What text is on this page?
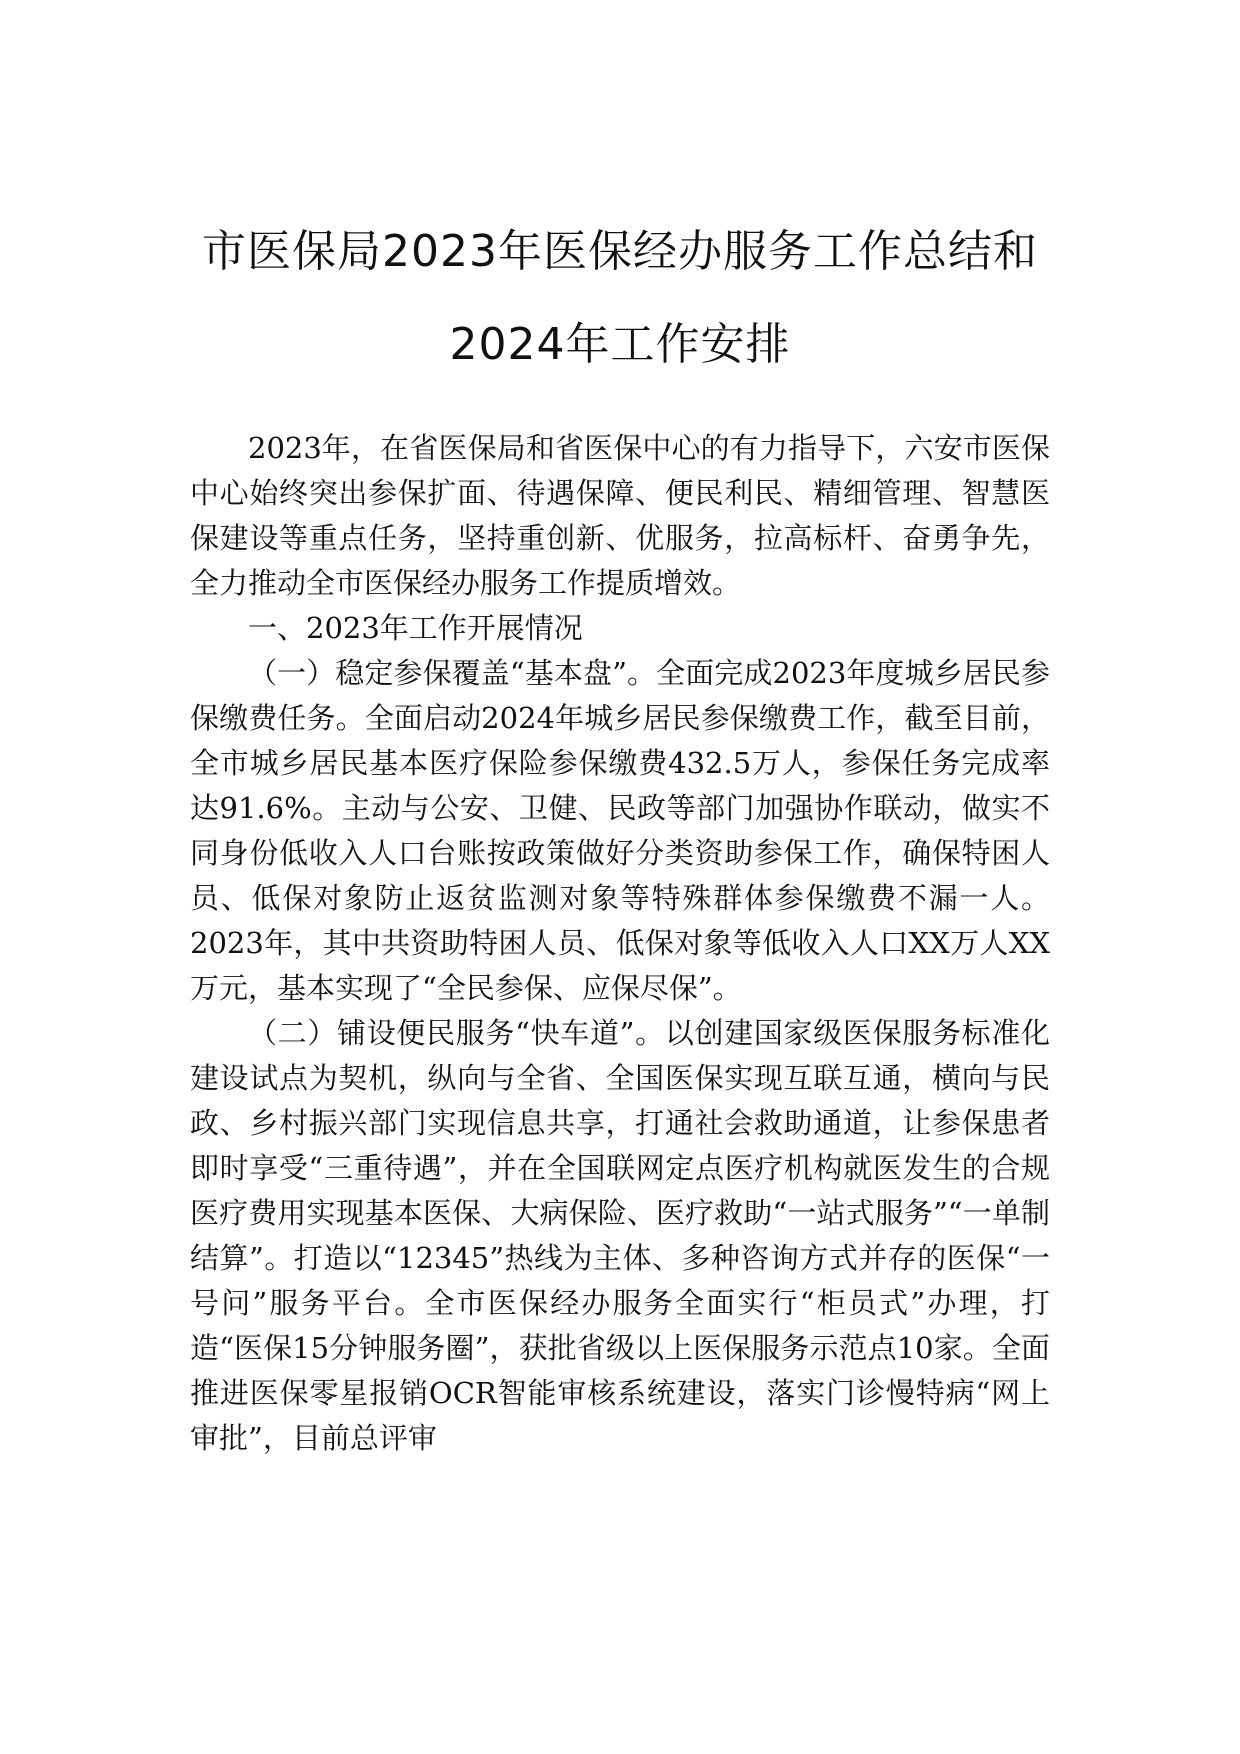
市医保局2023年医保经办服务工作总结和
2024年工作安排

2023年，在省医保局和省医保中心的有力指导下，六安市医保中心始终突出参保扩面、待遇保障、便民利民、精细管理、智慧医保建设等重点任务，坚持重创新、优服务，拉高标杆、奋勇争先，全力推动全市医保经办服务工作提质增效。

一、2023年工作开展情况

（一）稳定参保覆盖“基本盘”。全面完成2023年度城乡居民参保缴费任务。全面启动2024年城乡居民参保缴费工作，截至目前，全市城乡居民基本医疗保险参保缴费432.5万人，参保任务完成率达91.6%。主动与公安、卫健、民政等部门加强协作联动，做实不同身份低收入人口台账按政策做好分类资助参保工作，确保特困人员、低保对象防止返贫监测对象等特殊群体参保缴费不漏一人。2023年，其中共资助特困人员、低保对象等低收入人口XX万人XX万元，基本实现了“全民参保、应保尽保”。

（二）铺设便民服务“快车道”。以创建国家级医保服务标准化建设试点为契机，纵向与全省、全国医保实现互联互通，横向与民政、乡村振兴部门实现信息共享，打通社会救助通道，让参保患者即时享受“三重待遇”，并在全国联网定点医疗机构就医发生的合规医疗费用实现基本医保、大病保险、医疗救助“一站式服务”“一单制结算”。打造以“12345”热线为主体、多种咨询方式并存的医保“一号问”服务平台。全市医保经办服务全面实行“柜员式”办理，打造“医保15分钟服务圈”，获批省级以上医保服务示范点10家。全面推进医保零星报销OCR智能审核系统建设，落实门诊慢特病“网上审批”，目前总评审
